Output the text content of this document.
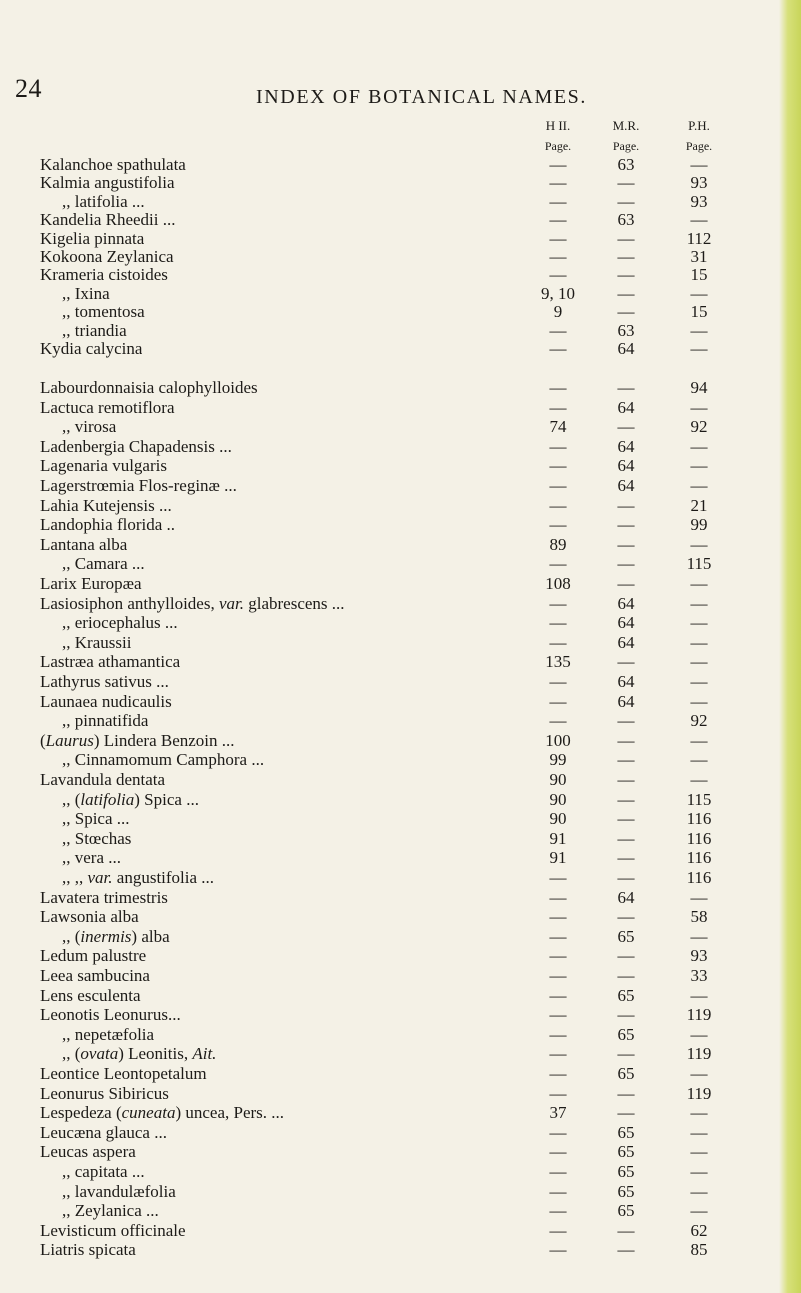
24	INDEX OF BOTANICAL NAMES.
H II.	M.R.	P.H.
Page.	Page.	Page.
Kalanchoe spathulata	—	63	—
Kalmia angustifolia	—	—	93
,, latifolia ...	—	—	93
Kandelia Rheedii ...	—	63	—
Kigelia pinnata	—	—	112
Kokoona Zeylanica	—	—	31
Krameria cistoides	—	—	15
,, Ixina	9, 10	—	—
,, tomentosa	9	—	15
,, triandia	—	63	—
Kydia calycina	—	64	—
Labourdonnaisia calophylloides	—	—	94
Lactuca remotiflora	—	64	—
,, virosa	74	—	92
Ladenbergia Chapadensis ...	—	64	—
Lagenaria vulgaris	—	64	—
Lagerstrœmia Flos-reginæ ...	—	64	—
Lahia Kutejensis ...	—	—	21
Landophia florida ..	—	—	99
Lantana alba	89	—	—
,, Camara ...	—	—	115
Larix Europæa	108	—	—
Lasiosiphon anthylloides, var. glabrescens ...	—	64	—
,, eriocephalus ...	—	64	—
,, Kraussii	—	64	—
Lastræa athamantica	135	—	—
Lathyrus sativus ...	—	64	—
Launaea nudicaulis	—	64	—
,, pinnatifida	—	—	92
(Laurus) Lindera Benzoin ...	100	—	—
,, Cinnamomum Camphora ...	99	—	—
Lavandula dentata	90	—	—
,, (latifolia) Spica ...	90	—	115
,, Spica ...	90	—	116
,, Stœchas	91	—	116
,, vera ...	91	—	116
,, ,, var. angustifolia ...	—	—	116
Lavatera trimestris	—	64	—
Lawsonia alba	—	—	58
,, (inermis) alba	—	65	—
Ledum palustre	—	—	93
Leea sambucina	—	—	33
Lens esculenta	—	65	—
Leonotis Leonurus...	—	—	119
,, nepetæfolia	—	65	—
,, (ovata) Leonitis, Ait.	—	—	119
Leontice Leontopetalum	—	65	—
Leonurus Sibiricus	—	—	119
Lespedeza (cuneata) uncea, Pers. ...	37	—	—
Leucæna glauca ...	—	65	—
Leucas aspera	—	65	—
,, capitata ...	—	65	—
,, lavandulæfolia	—	65	—
,, Zeylanica ...	—	65	—
Levisticum officinale	—	—	62
Liatris spicata	—	—	85
